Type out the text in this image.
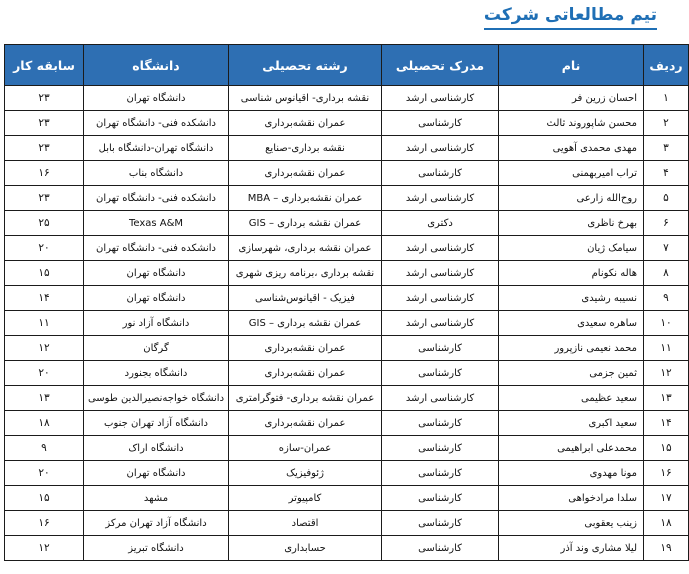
تیم مطالعاتی شرکت
ردیف	نام	مدرک تحصیلی	رشته تحصیلی	دانشگاه	سابقه کار
۱	احسان زرین فر	کارشناسی ارشد	نقشه برداری- اقیانوس شناسی	دانشگاه تهران	۲۳
۲	محسن شاپوروند ثالث	کارشناسی	عمران نقشه‌برداری	دانشکده فنی- دانشگاه تهران	۲۳
۳	مهدی محمدی آهویی	کارشناسی ارشد	نقشه برداری-صنایع	دانشگاه تهران-دانشگاه بابل	۲۳
۴	تراب امیربهمنی	کارشناسی	عمران نقشه‌برداری	دانشگاه بناب	۱۶
۵	روح‌الله زارعی	کارشناسی ارشد	عمران نقشه‌برداری – MBA	دانشکده فنی- دانشگاه تهران	۲۳
۶	بهرخ ناظری	دکتری	عمران نقشه برداری – GIS	Texas A&M	۲۵
۷	سیامک ژیان	کارشناسی ارشد	عمران نقشه برداری، شهرسازی	دانشکده فنی- دانشگاه تهران	۲۰
۸	هاله نکونام	کارشناسی ارشد	نقشه برداری ،برنامه ریزی شهری	دانشگاه تهران	۱۵
۹	نسیبه رشیدی	کارشناسی ارشد	فیزیک - اقیانوس‌شناسی	دانشگاه تهران	۱۴
۱۰	ساهره سعیدی	کارشناسی ارشد	عمران نقشه برداری – GIS	دانشگاه آزاد نور	۱۱
۱۱	محمد نعیمی نازپرور	کارشناسی	عمران نقشه‌برداری	گرگان	۱۲
۱۲	ثمین جزمی	کارشناسی	عمران نقشه‌برداری	دانشگاه بجنورد	۲۰
۱۳	سعید عظیمی	کارشناسی ارشد	عمران نقشه برداری- فتوگرامتری	دانشگاه خواجه‌نصیرالدین طوسی	۱۳
۱۴	سعید اکبری	کارشناسی	عمران نقشه‌برداری	دانشگاه آزاد تهران جنوب	۱۸
۱۵	محمدعلی ابراهیمی	کارشناسی	عمران-سازه	دانشگاه اراک	۹
۱۶	مونا مهدوی	کارشناسی	ژئوفیزیک	دانشگاه تهران	۲۰
۱۷	سلدا مرادخواهی	کارشناسی	کامپیوتر	مشهد	۱۵
۱۸	زینب یعقوبی	کارشناسی	اقتصاد	دانشگاه آزاد تهران مرکز	۱۶
۱۹	لیلا مشاری وند آذر	کارشناسی	حسابداری	دانشگاه تبریز	۱۲
